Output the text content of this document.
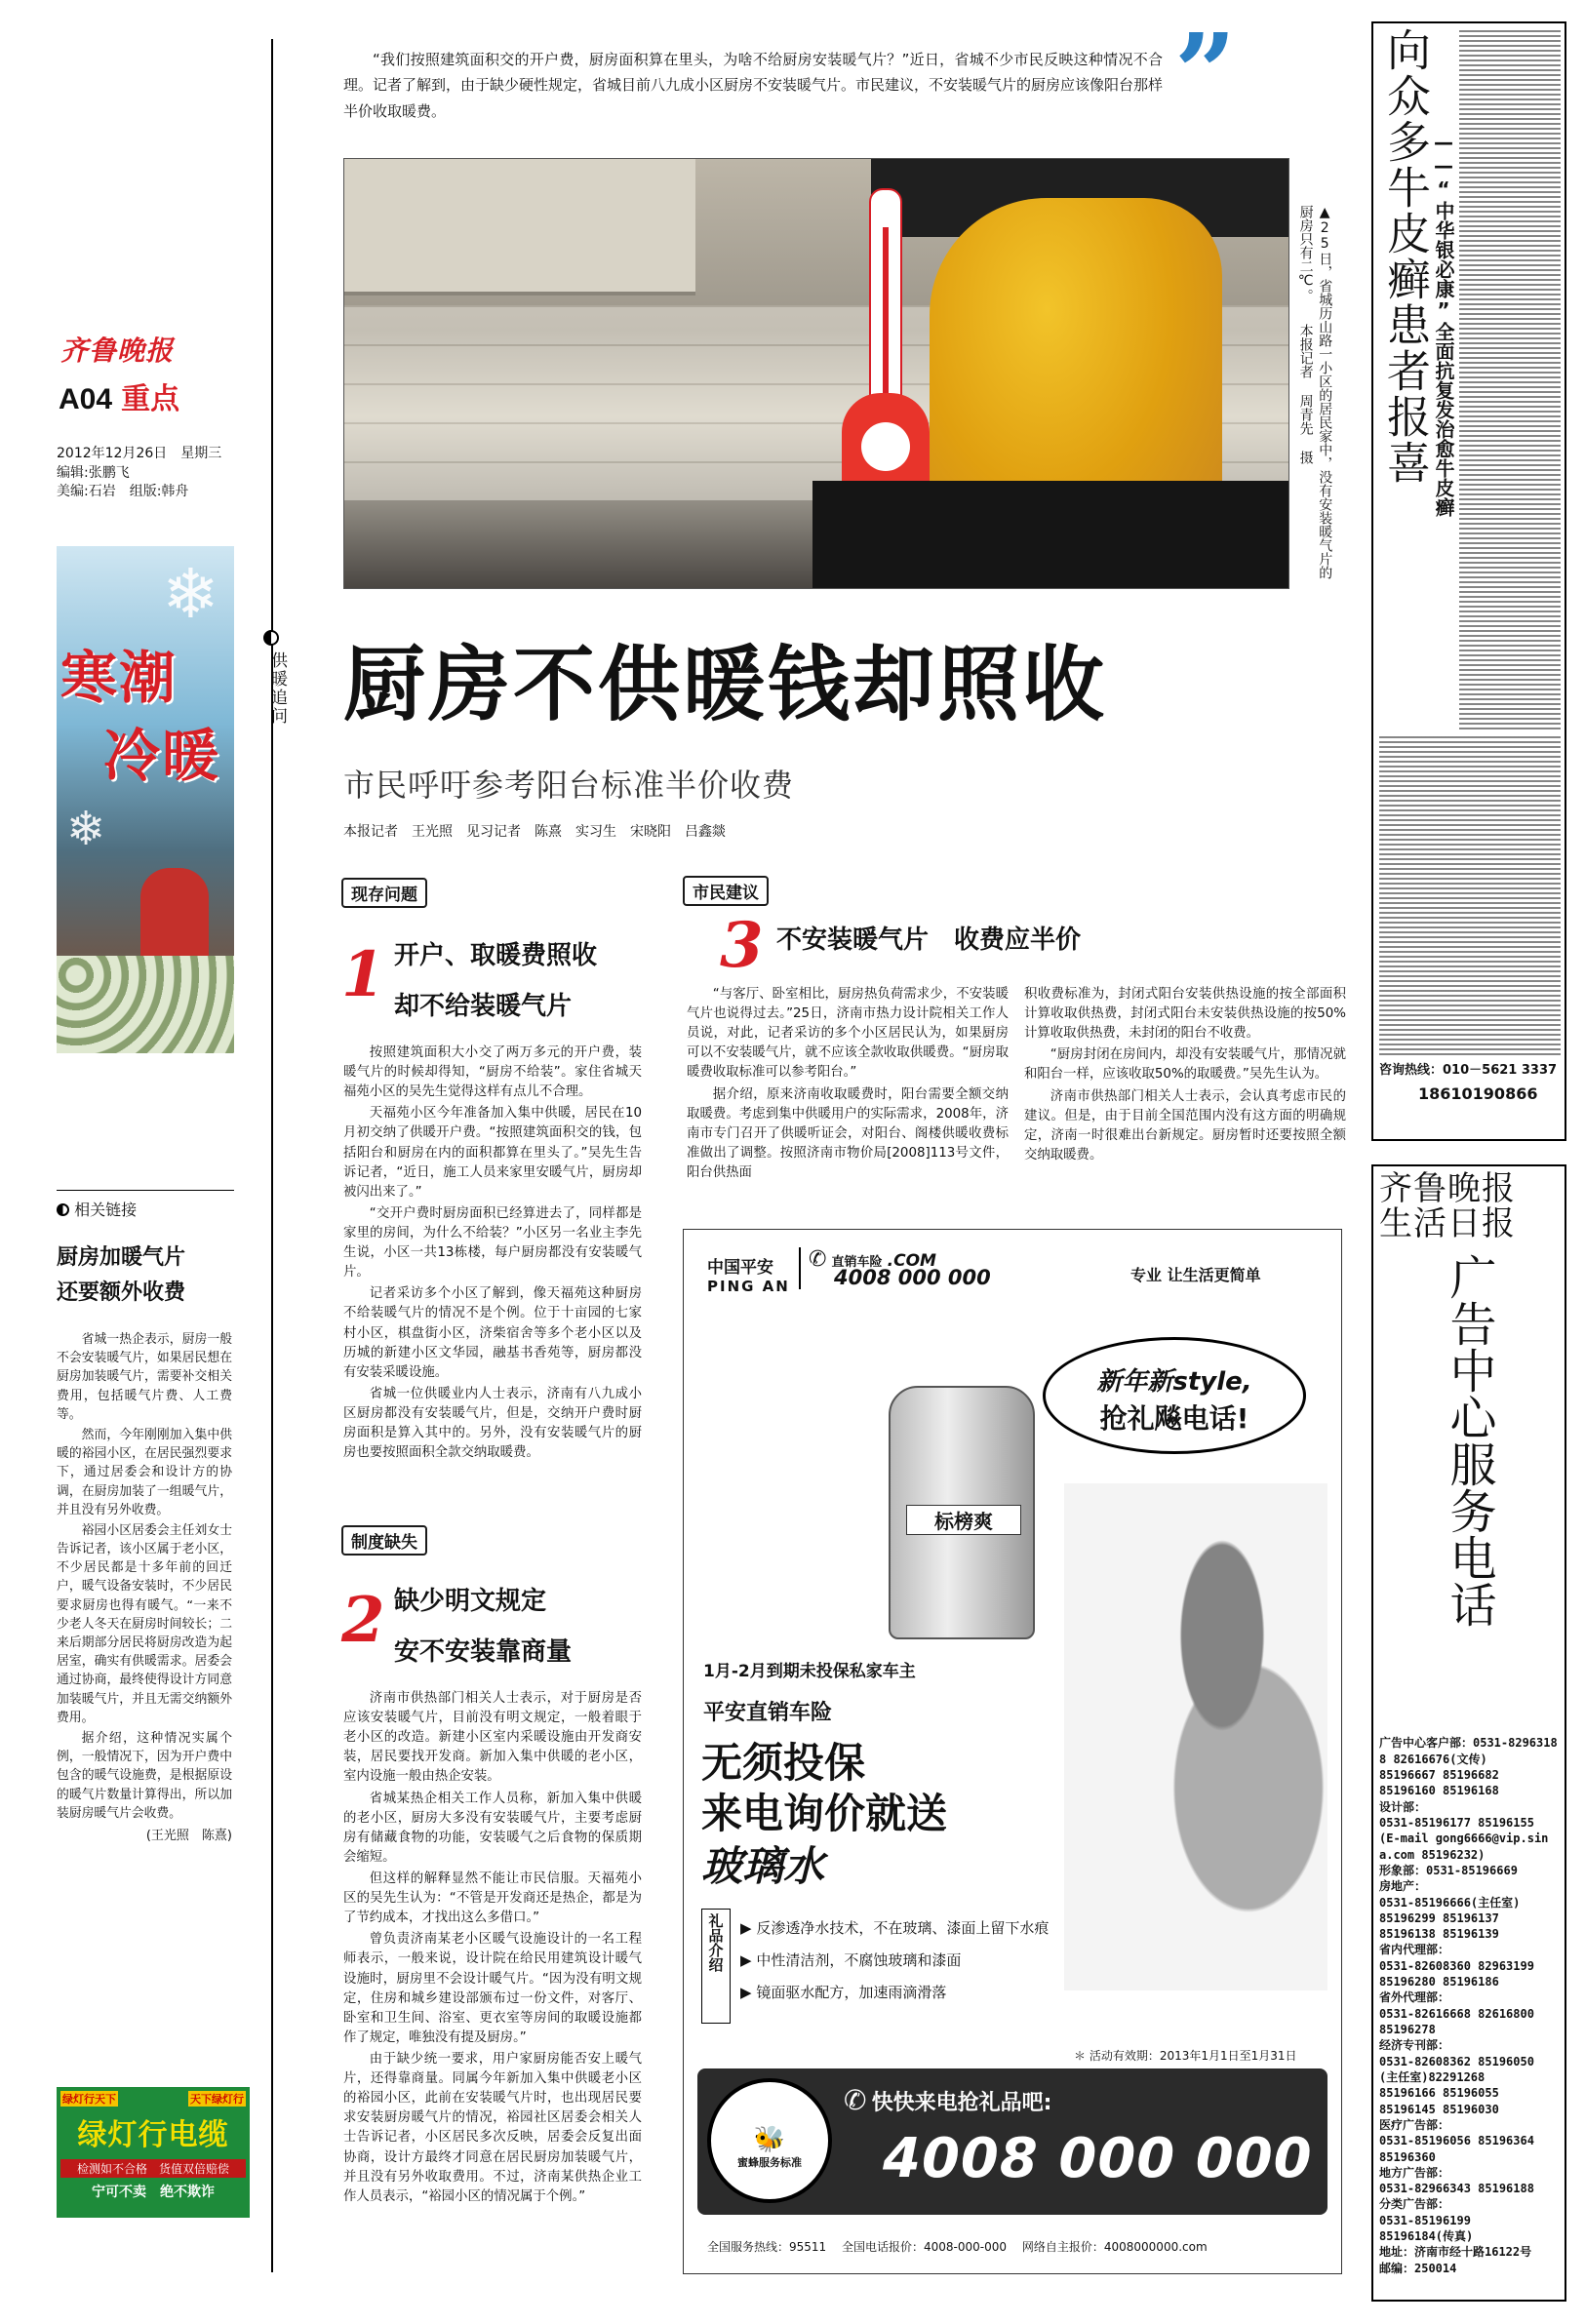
齐鲁晚报
A04 重点
2012年12月26日　 星期三
编辑:张鹏飞
美编:石岩　 组版:韩舟
❄
❄
寒潮
冷暖
供暖追问
“我们按照建筑面积交的开户费，厨房面积算在里头，为啥不给厨房安装暖气片？”近日，省城不少市民反映这种情况不合理。记者了解到，由于缺少硬性规定，省城目前八九成小区厨房不安装暖气片。市民建议，不安装暖气片的厨房应该像阳台那样半价收取暖费。	”
▲25日，省城历山路一小区的居民家中，没有安装暖气片的厨房只有二℃。 本报记者 周青先 摄
厨房不供暖钱却照收
市民呼吁参考阳台标准半价收费
本报记者　王光照　见习记者　陈熹　实习生　宋晓阳　吕鑫燚
现存问题
1 开户、取暖费照收
却不给装暖气片

按照建筑面积大小交了两万多元的开户费，装暖气片的时候却得知，“厨房不给装”。家住省城天福苑小区的吴先生觉得这样有点儿不合理。

天福苑小区今年准备加入集中供暖，居民在10月初交纳了供暖开户费。“按照建筑面积交的钱，包括阳台和厨房在内的面积都算在里头了。”吴先生告诉记者，“近日，施工人员来家里安暖气片，厨房却被闪出来了。”

“交开户费时厨房面积已经算进去了，同样都是家里的房间，为什么不给装？”小区另一名业主李先生说，小区一共13栋楼，每户厨房都没有安装暖气片。

记者采访多个小区了解到，像天福苑这种厨房不给装暖气片的情况不是个例。位于十亩园的七家村小区，棋盘街小区，济柴宿舍等多个老小区以及历城的新建小区文华园，融基书香苑等，厨房都没有安装采暖设施。

省城一位供暖业内人士表示，济南有八九成小区厨房都没有安装暖气片，但是，交纳开户费时厨房面积是算入其中的。另外，没有安装暖气片的厨房也要按照面积全款交纳取暖费。

制度缺失
2 缺少明文规定
安不安装靠商量

济南市供热部门相关人士表示，对于厨房是否应该安装暖气片，目前没有明文规定，一般着眼于老小区的改造。新建小区室内采暖设施由开发商安装，居民要找开发商。新加入集中供暖的老小区，室内设施一般由热企安装。

省城某热企相关工作人员称，新加入集中供暖的老小区，厨房大多没有安装暖气片，主要考虑厨房有储藏食物的功能，安装暖气之后食物的保质期会缩短。

但这样的解释显然不能让市民信服。天福苑小区的吴先生认为：“不管是开发商还是热企，都是为了节约成本，才找出这么多借口。”

曾负责济南某老小区暖气设施设计的一名工程师表示，一般来说，设计院在给民用建筑设计暖气设施时，厨房里不会设计暖气片。“因为没有明文规定，住房和城乡建设部颁布过一份文件，对客厅、卧室和卫生间、浴室、更衣室等房间的取暖设施都作了规定，唯独没有提及厨房。”

由于缺少统一要求，用户家厨房能否安上暖气片，还得靠商量。同属今年新加入集中供暖老小区的裕园小区，此前在安装暖气片时，也出现居民要求安装厨房暖气片的情况，裕园社区居委会相关人士告诉记者，小区居民多次反映，居委会反复出面协商，设计方最终才同意在居民厨房加装暖气片，并且没有另外收取费用。不过，济南某供热企业工作人员表示，“裕园小区的情况属于个例。”

市民建议
3 不安装暖气片　收费应半价

“与客厅、卧室相比，厨房热负荷需求少，不安装暖气片也说得过去。”25日，济南市热力设计院相关工作人员说，对此，记者采访的多个小区居民认为，如果厨房可以不安装暖气片，就不应该全款收取供暖费。“厨房取暖费收取标准可以参考阳台。”

据介绍，原来济南收取暖费时，阳台需要全额交纳取暖费。考虑到集中供暖用户的实际需求，2008年，济南市专门召开了供暖听证会，对阳台、阁楼供暖收费标准做出了调整。按照济南市物价局[2008]113号文件，阳台供热面

积收费标准为，封闭式阳台安装供热设施的按全部面积计算收取供热费，封闭式阳台未安装供热设施的按50%计算收取供热费，未封闭的阳台不收费。

“厨房封闭在房间内，却没有安装暖气片，那情况就和阳台一样，应该收取50%的取暖费。”吴先生认为。

济南市供热部门相关人士表示，会认真考虑市民的建议。但是，由于目前全国范围内没有这方面的明确规定，济南一时很难出台新规定。厨房暂时还要按照全额交纳取暖费。

相关链接
厨房加暖气片
还要额外收费

省城一热企表示，厨房一般不会安装暖气片，如果居民想在厨房加装暖气片，需要补交相关费用，包括暖气片费、人工费等。

然而，今年刚刚加入集中供暖的裕园小区，在居民强烈要求下，通过居委会和设计方的协调，在厨房加装了一组暖气片，并且没有另外收费。

裕园小区居委会主任刘女士告诉记者，该小区属于老小区，不少居民都是十多年前的回迁户，暖气设备安装时，不少居民要求厨房也得有暖气。“一来不少老人冬天在厨房时间较长；二来后期部分居民将厨房改造为起居室，确实有供暖需求。居委会通过协商，最终使得设计方同意加装暖气片，并且无需交纳额外费用。

据介绍，这种情况实属个例，一般情况下，因为开户费中包含的暖气设施费，是根据原设的暖气片数量计算得出，所以加装厨房暖气片会收费。

(王光照　陈熹)

绿灯行天下	天下绿灯行
绿灯行电缆
检测如不合格　货值双倍赔偿
宁可不卖　绝不欺诈
中国平安
PING AN
✆ 直销车险 .COM
4008 000 000	专业 让生活更简单
新年新style,
抢礼飚电话!
标榜爽
1月-2月到期未投保私家车主
平安直销车险
无须投保
来电询价就送
玻璃水
礼品介绍	▶ 反渗透净水技术，不在玻璃、漆面上留下水痕
▶ 中性清洁剂，不腐蚀玻璃和漆面
▶ 镜面驱水配方，加速雨滴滑落
＊ 活动有效期：2013年1月1日至1月31日
🐝
蜜蜂服务标准
✆ 快快来电抢礼品吧:
4008 000 000
全国服务热线：95511　 全国电话报价：4008-000-000　 网络自主报价：4008000000.com
向众多牛皮癣患者报喜 ——“中华银必康”全面抗复发治愈牛皮癣
咨询热线：010－5621 3337
18610190866
齐鲁晚报
生活日报
广告中心服务电话
广告中心客户部：0531-82963188 82616676(文传)
85196667 85196682
85196160 85196168
设计部：
0531-85196177 85196155
(E-mail gong6666@vip.sina.com 85196232)
形象部：0531-85196669
房地产：
0531-85196666(主任室)
85196299 85196137
85196138 85196139
省内代理部：
0531-82608360 82963199
85196280 85196186
省外代理部：
0531-82616668 82616800
85196278
经济专刊部：
0531-82608362 85196050
(主任室)82291268
85196166 85196055
85196145 85196030
医疗广告部：
0531-85196056 85196364
85196360
地方广告部：
0531-82966343 85196188
分类广告部：
0531-85196199
85196184(传真)
地址：济南市经十路16122号
邮编：250014
